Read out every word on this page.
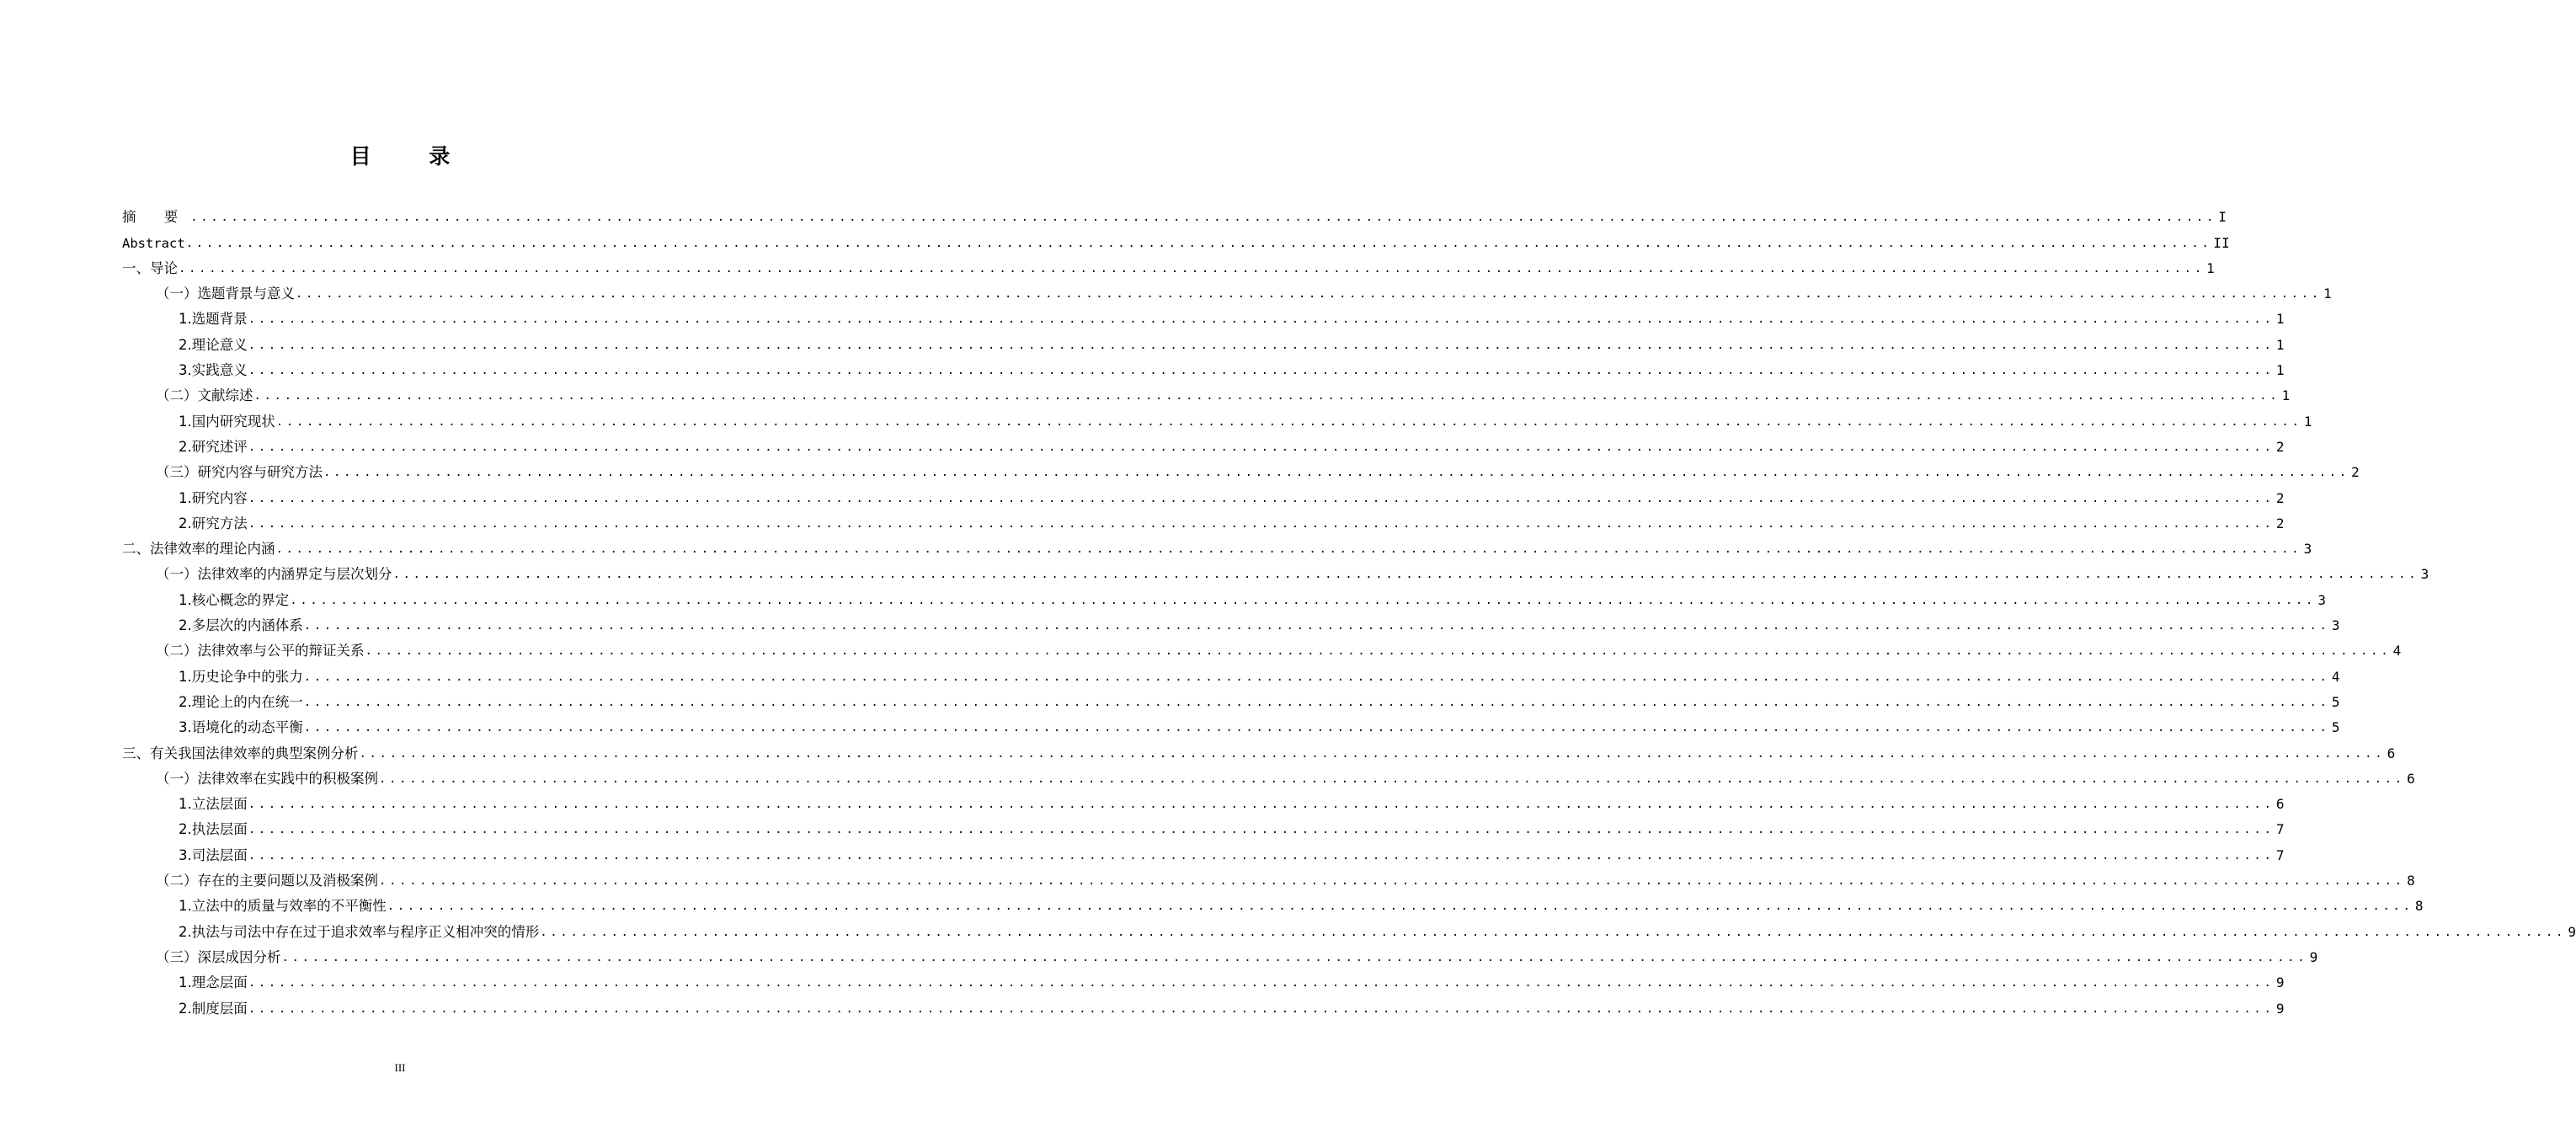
目 录
摘 要 ........................................................................................................................................................................................................ I
Abstract ........................................................................................................................................................................................................ II
一、导论 ........................................................................................................................................................................................................ 1
（一）选题背景与意义 ........................................................................................................................................................................................................ 1
1.选题背景 ........................................................................................................................................................................................................ 1
2.理论意义 ........................................................................................................................................................................................................ 1
3.实践意义 ........................................................................................................................................................................................................ 1
（二）文献综述 ........................................................................................................................................................................................................ 1
1.国内研究现状 ........................................................................................................................................................................................................ 1
2.研究述评 ........................................................................................................................................................................................................ 2
（三）研究内容与研究方法 ........................................................................................................................................................................................................ 2
1.研究内容 ........................................................................................................................................................................................................ 2
2.研究方法 ........................................................................................................................................................................................................ 2
二、法律效率的理论内涵 ........................................................................................................................................................................................................ 3
（一）法律效率的内涵界定与层次划分 ........................................................................................................................................................................................................ 3
1.核心概念的界定 ........................................................................................................................................................................................................ 3
2.多层次的内涵体系 ........................................................................................................................................................................................................ 3
（二）法律效率与公平的辩证关系 ........................................................................................................................................................................................................ 4
1.历史论争中的张力 ........................................................................................................................................................................................................ 4
2.理论上的内在统一 ........................................................................................................................................................................................................ 5
3.语境化的动态平衡 ........................................................................................................................................................................................................ 5
三、有关我国法律效率的典型案例分析 ........................................................................................................................................................................................................ 6
（一）法律效率在实践中的积极案例 ........................................................................................................................................................................................................ 6
1.立法层面 ........................................................................................................................................................................................................ 6
2.执法层面 ........................................................................................................................................................................................................ 7
3.司法层面 ........................................................................................................................................................................................................ 7
（二）存在的主要问题以及消极案例 ........................................................................................................................................................................................................ 8
1.立法中的质量与效率的不平衡性 ........................................................................................................................................................................................................ 8
2.执法与司法中存在过于追求效率与程序正义相冲突的情形 ........................................................................................................................................................................................................ 9
（三）深层成因分析 ........................................................................................................................................................................................................ 9
1.理念层面 ........................................................................................................................................................................................................ 9
2.制度层面 ........................................................................................................................................................................................................ 9
III
